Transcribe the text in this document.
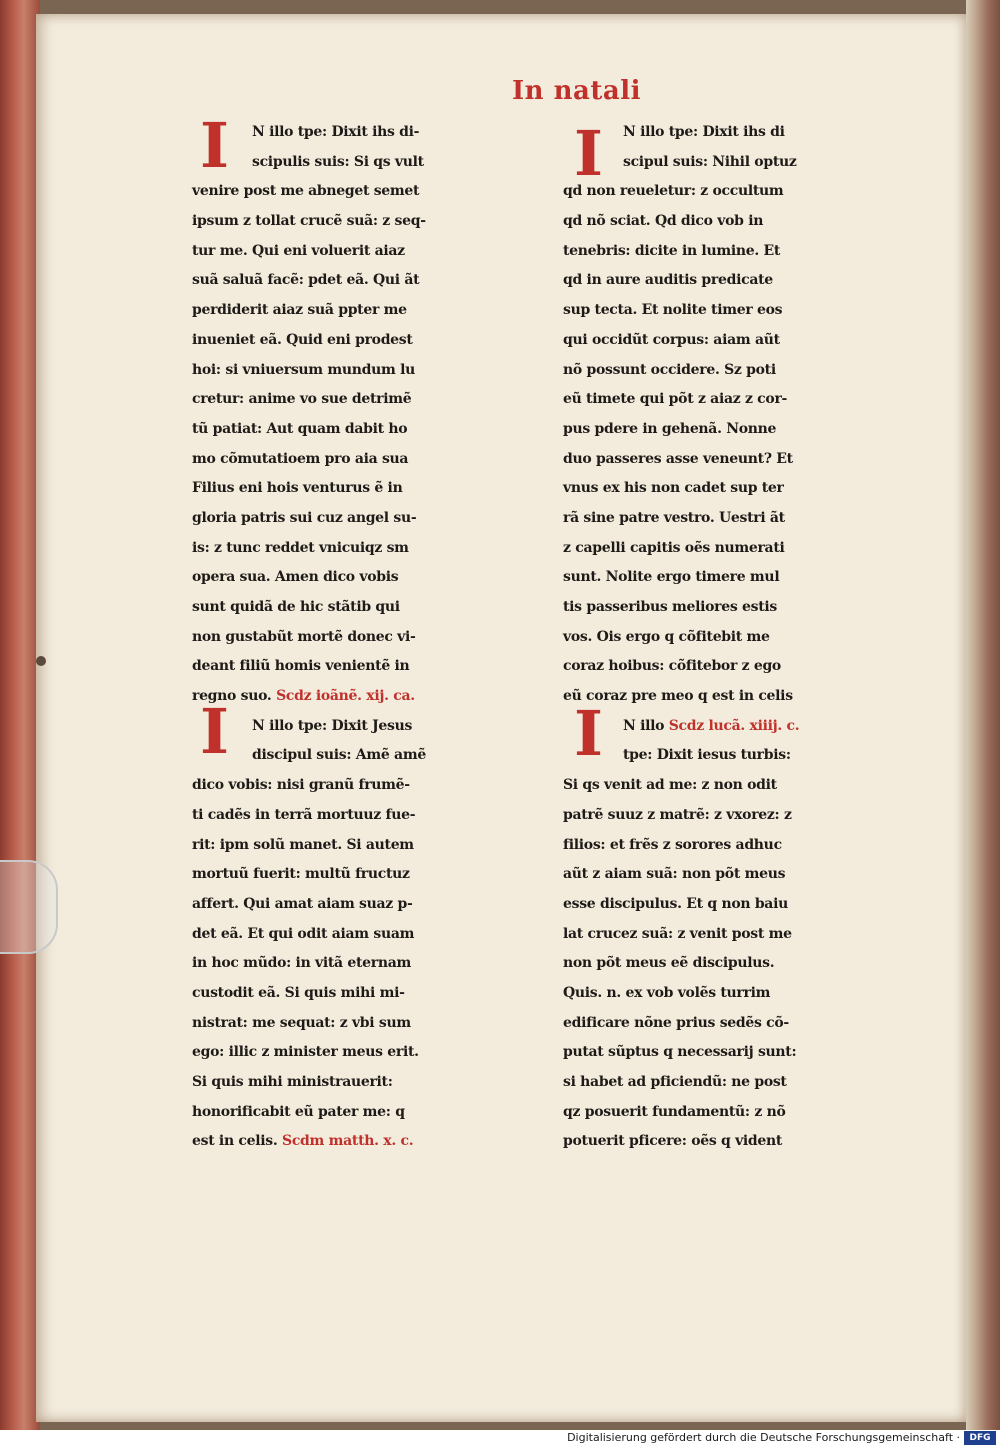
In natali
I	N illo tpe: Dixit ihs di-
scipulis suis: Si qs vult
venire post me abneget semet
ipsum z tollat crucẽ suã: z seq-
tur me. Qui eni voluerit aiaz
suã saluã facẽ: pdet eã. Qui ãt
perdiderit aiaz suã ppter me
inueniet eã. Quid eni prodest
hoi: si vniuersum mundum lu
cretur: anime vo sue detrimẽ
tũ patiat: Aut quam dabit ho
mo cõmutatioem pro aia sua
Filius eni hois venturus ẽ in
gloria patris sui cuz angel su-
is: z tunc reddet vnicuiqz sm
opera sua. Amen dico vobis
sunt quidã de hic stãtib qui
non gustabũt mortẽ donec vi-
deant filiũ homis venientẽ in
regno suo. Scdz ioãnẽ. xij. ca.
N illo tpe: Dixit Jesus
discipul suis: Amẽ amẽ
dico vobis: nisi granũ frumẽ-
ti cadẽs in terrã mortuuz fue-
rit: ipm solũ manet. Si autem
mortuũ fuerit: multũ fructuz
affert. Qui amat aiam suaz p-
det eã. Et qui odit aiam suam
in hoc mũdo: in vitã eternam
custodit eã. Si quis mihi mi-
nistrat: me sequat: z vbi sum
ego: illic z minister meus erit.
Si quis mihi ministrauerit:
honorificabit eũ pater me: q
est in celis. Scdm matth. x. c.
I
I	N illo tpe: Dixit ihs di
scipul suis: Nihil optuz
qd non reueletur: z occultum
qd nõ sciat. Qd dico vob in
tenebris: dicite in lumine. Et
qd in aure auditis predicate
sup tecta. Et nolite timer eos
qui occidũt corpus: aiam aũt
nõ possunt occidere. Sz poti
eũ timete qui põt z aiaz z cor-
pus pdere in gehenã. Nonne
duo passeres asse veneunt? Et
vnus ex his non cadet sup ter
rã sine patre vestro. Uestri ãt
z capelli capitis oẽs numerati
sunt. Nolite ergo timere mul
tis passeribus meliores estis
vos. Ois ergo q cõfitebit me
coraz hoibus: cõfitebor z ego
eũ coraz pre meo q est in celis
N illo Scdz lucã. xiiij. c.
tpe: Dixit iesus turbis:
Si qs venit ad me: z non odit
patrẽ suuz z matrẽ: z vxorez: z
filios: et frẽs z sorores adhuc
aũt z aiam suã: non põt meus
esse discipulus. Et q non baiu
lat crucez suã: z venit post me
non põt meus eẽ discipulus.
Quis. n. ex vob volẽs turrim
edificare nõne prius sedẽs cõ-
putat sũptus q necessarij sunt:
si habet ad pficiendũ: ne post
qz posuerit fundamentũ: z nõ
potuerit pficere: oẽs q vident
I
Digitalisierung gefördert durch die Deutsche Forschungsgemeinschaft ·	DFG
